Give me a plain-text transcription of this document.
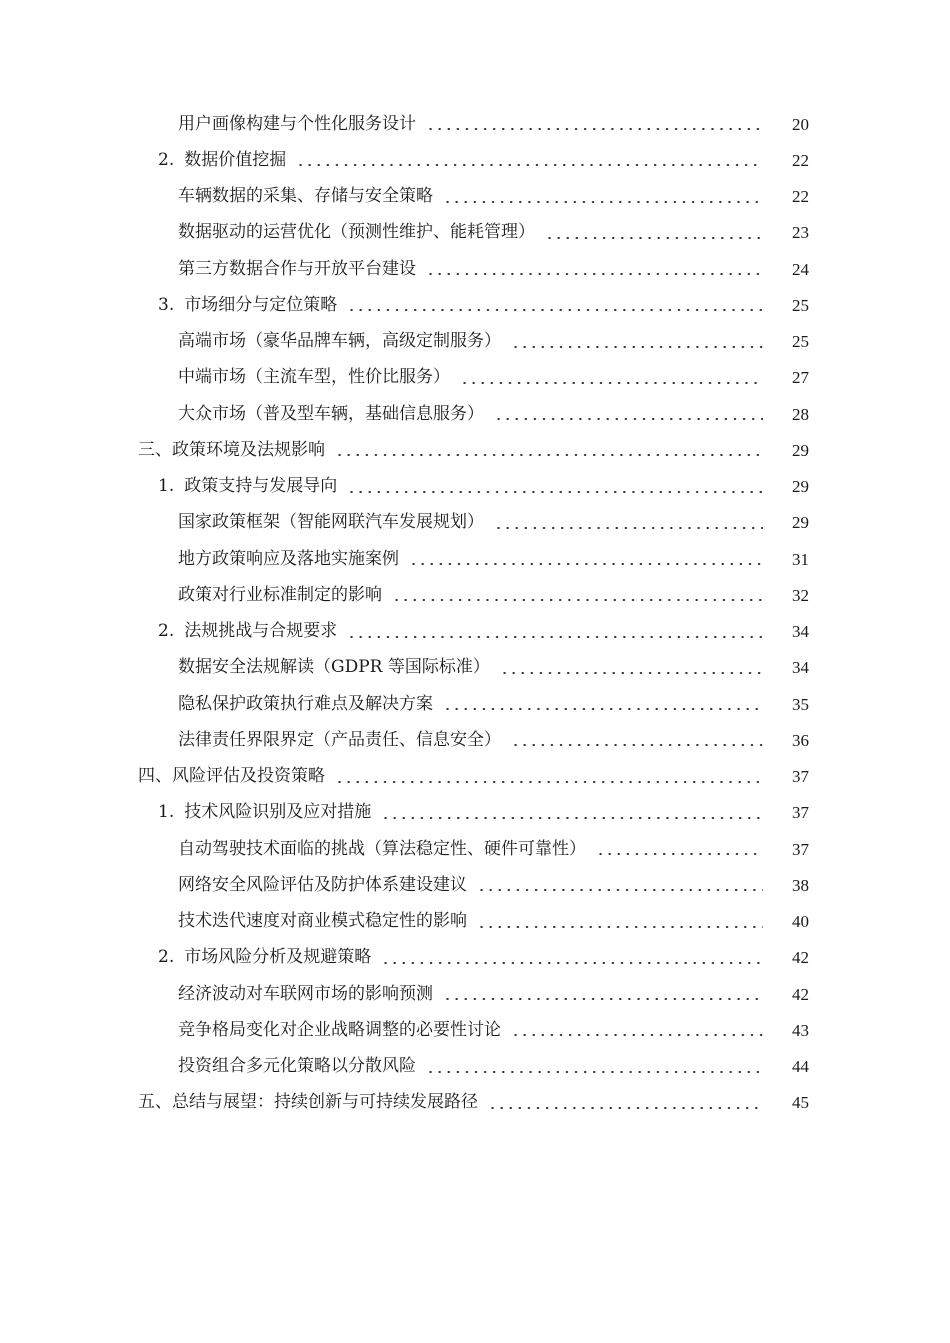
用户画像构建与个性化服务设计	20
2. 数据价值挖掘	22
车辆数据的采集、存储与安全策略	22
数据驱动的运营优化（预测性维护、能耗管理）	23
第三方数据合作与开放平台建设	24
3. 市场细分与定位策略	25
高端市场（豪华品牌车辆，高级定制服务）	25
中端市场（主流车型，性价比服务）	27
大众市场（普及型车辆，基础信息服务）	28
三、政策环境及法规影响	29
1. 政策支持与发展导向	29
国家政策框架（智能网联汽车发展规划）	29
地方政策响应及落地实施案例	31
政策对行业标准制定的影响	32
2. 法规挑战与合规要求	34
数据安全法规解读（GDPR 等国际标准）	34
隐私保护政策执行难点及解决方案	35
法律责任界限界定（产品责任、信息安全）	36
四、风险评估及投资策略	37
1. 技术风险识别及应对措施	37
自动驾驶技术面临的挑战（算法稳定性、硬件可靠性）	37
网络安全风险评估及防护体系建设建议	38
技术迭代速度对商业模式稳定性的影响	40
2. 市场风险分析及规避策略	42
经济波动对车联网市场的影响预测	42
竞争格局变化对企业战略调整的必要性讨论	43
投资组合多元化策略以分散风险	44
五、总结与展望：持续创新与可持续发展路径	45
